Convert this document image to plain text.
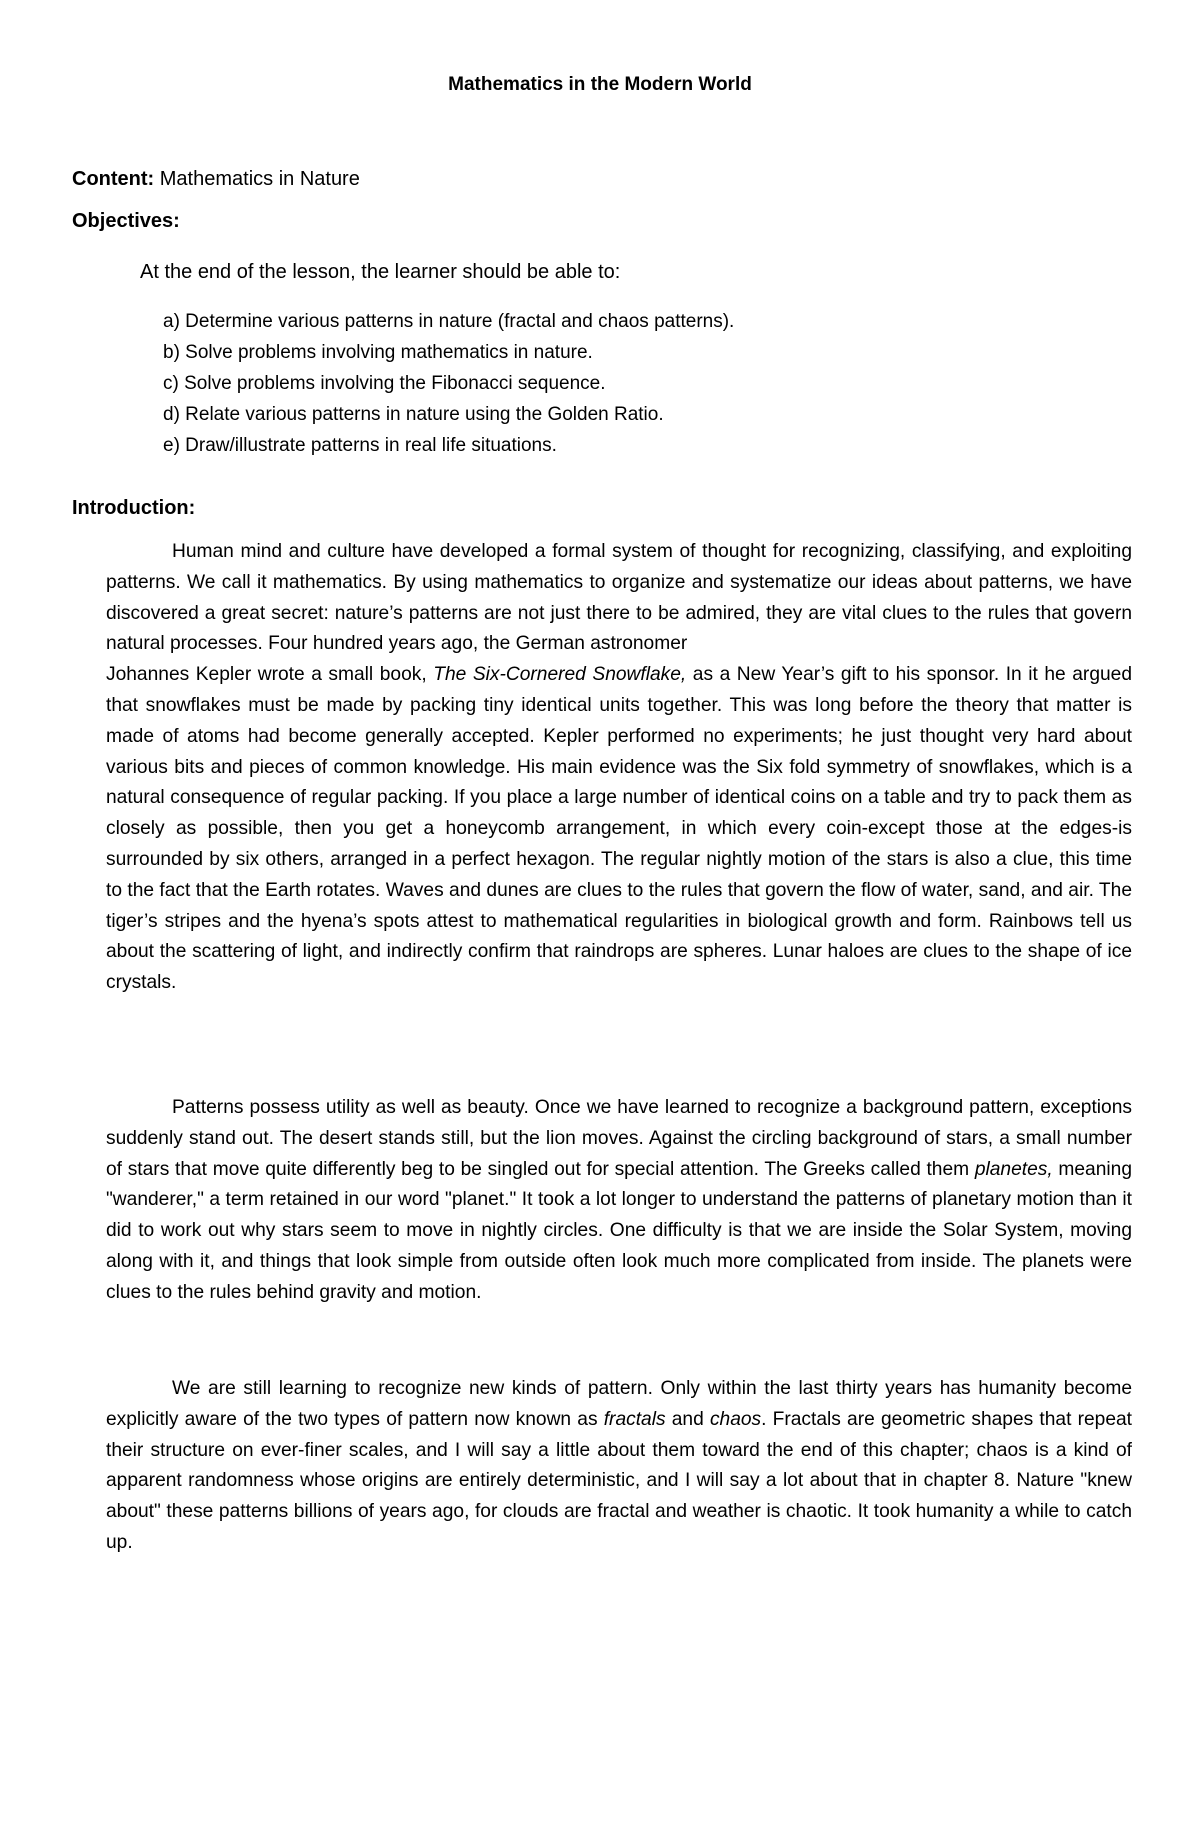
Mathematics in the Modern World

Content: Mathematics in Nature

Objectives:

At the end of the lesson, the learner should be able to:

a) Determine various patterns in nature (fractal and chaos patterns).
b) Solve problems involving mathematics in nature.
c) Solve problems involving the Fibonacci sequence.
d) Relate various patterns in nature using the Golden Ratio.
e) Draw/illustrate patterns in real life situations.

Introduction:

Human mind and culture have developed a formal system of thought for recognizing, classifying, and exploiting patterns. We call it mathematics. By using mathematics to organize and systematize our ideas about patterns, we have discovered a great secret: nature’s patterns are not just there to be admired, they are vital clues to the rules that govern natural processes. Four hundred years ago, the German astronomer
Johannes Kepler wrote a small book, The Six-Cornered Snowflake, as a New Year’s gift to his sponsor. In it he argued that snowflakes must be made by packing tiny identical units together. This was long before the theory that matter is made of atoms had become generally accepted. Kepler performed no experiments; he just thought very hard about various bits and pieces of common knowledge. His main evidence was the Six fold symmetry of snowflakes, which is a natural consequence of regular packing. If you place a large number of identical coins on a table and try to pack them as closely as possible, then you get a honeycomb arrangement, in which every coin-except those at the edges-is surrounded by six others, arranged in a perfect hexagon. The regular nightly motion of the stars is also a clue, this time to the fact that the Earth rotates. Waves and dunes are clues to the rules that govern the flow of water, sand, and air. The tiger’s stripes and the hyena’s spots attest to mathematical regularities in biological growth and form. Rainbows tell us about the scattering of light, and indirectly confirm that raindrops are spheres. Lunar haloes are clues to the shape of ice crystals.

Patterns possess utility as well as beauty. Once we have learned to recognize a background pattern, exceptions suddenly stand out. The desert stands still, but the lion moves. Against the circling background of stars, a small number of stars that move quite differently beg to be singled out for special attention. The Greeks called them planetes, meaning "wanderer," a term retained in our word "planet." It took a lot longer to understand the patterns of planetary motion than it did to work out why stars seem to move in nightly circles. One difficulty is that we are inside the Solar System, moving along with it, and things that look simple from outside often look much more complicated from inside. The planets were clues to the rules behind gravity and motion.

We are still learning to recognize new kinds of pattern. Only within the last thirty years has humanity become explicitly aware of the two types of pattern now known as fractals and chaos. Fractals are geometric shapes that repeat their structure on ever-finer scales, and I will say a little about them toward the end of this chapter; chaos is a kind of apparent randomness whose origins are entirely deterministic, and I will say a lot about that in chapter 8. Nature "knew about" these patterns billions of years ago, for clouds are fractal and weather is chaotic. It took humanity a while to catch up.
